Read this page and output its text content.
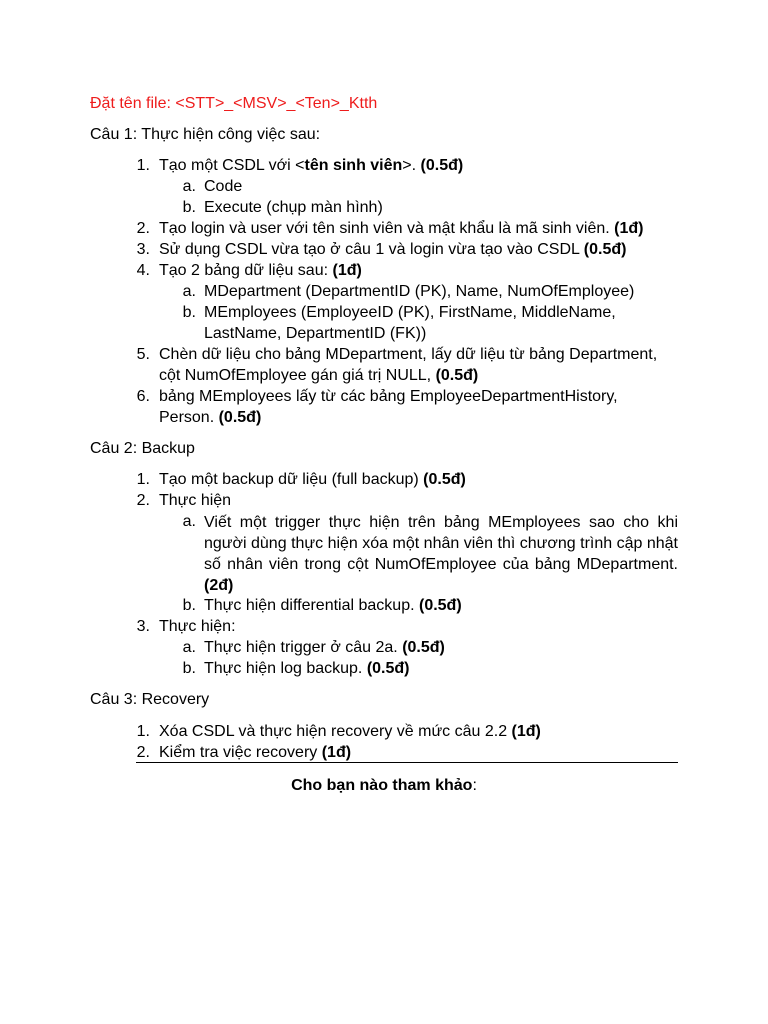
Đặt tên file: <STT>_<MSV>_<Ten>_Ktth
Câu 1: Thực hiện công việc sau:
1. Tạo một CSDL với <tên sinh viên>. (0.5đ)
a. Code
b. Execute (chụp màn hình)
2. Tạo login và user với tên sinh viên và mật khẩu là mã sinh viên. (1đ)
3. Sử dụng CSDL vừa tạo ở câu 1 và login vừa tạo vào CSDL (0.5đ)
4. Tạo 2 bảng dữ liệu sau: (1đ)
a. MDepartment (DepartmentID (PK), Name, NumOfEmployee)
b. MEmployees (EmployeeID (PK), FirstName, MiddleName,
LastName, DepartmentID (FK))
5. Chèn dữ liệu cho bảng MDepartment, lấy dữ liệu từ bảng Department,
cột NumOfEmployee gán giá trị NULL, (0.5đ)
6. bảng MEmployees lấy từ các bảng EmployeeDepartmentHistory,
Person. (0.5đ)
Câu 2: Backup
1. Tạo một backup dữ liệu (full backup) (0.5đ)
2. Thực hiện
a. Viết một trigger thực hiện trên bảng MEmployees sao cho khi người dùng thực hiện xóa một nhân viên thì chương trình cập nhật số nhân viên trong cột NumOfEmployee của bảng MDepartment. (2đ)
b. Thực hiện differential backup. (0.5đ)
3. Thực hiện:
a. Thực hiện trigger ở câu 2a. (0.5đ)
b. Thực hiện log backup. (0.5đ)
Câu 3: Recovery
1. Xóa CSDL và thực hiện recovery về mức câu 2.2 (1đ)
2. Kiểm tra việc recovery (1đ)
Cho bạn nào tham khảo:
